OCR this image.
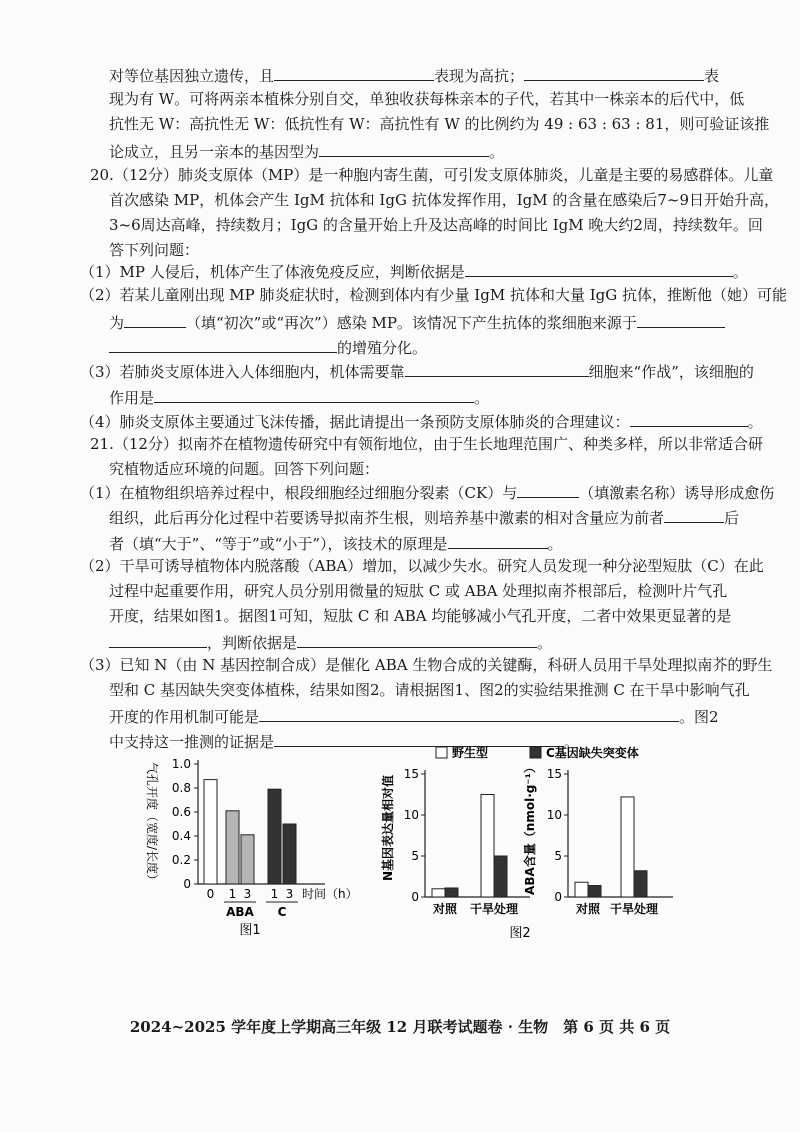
对等位基因独立遗传，且	表现为高抗；	表
现为有 W。可将两亲本植株分别自交，单独收获每株亲本的子代，若其中一株亲本的后代中，低
抗性无 W：高抗性无 W：低抗性有 W：高抗性有 W 的比例约为 49 : 63 : 63 : 81，则可验证该推
论成立，且另一亲本的基因型为	。
20.（12分）肺炎支原体（MP）是一种胞内寄生菌，可引发支原体肺炎，儿童是主要的易感群体。儿童
首次感染 MP，机体会产生 IgM 抗体和 IgG 抗体发挥作用，IgM 的含量在感染后7~9日开始升高，
3~6周达高峰，持续数月；IgG 的含量开始上升及达高峰的时间比 IgM 晚大约2周，持续数年。回
答下列问题：
（1）MP 人侵后，机体产生了体液免疫反应，判断依据是	。
（2）若某儿童刚出现 MP 肺炎症状时，检测到体内有少量 IgM 抗体和大量 IgG 抗体，推断他（她）可能
为	（填“初次”或“再次”）感染 MP。该情况下产生抗体的浆细胞来源于
的增殖分化。
（3）若肺炎支原体进入人体细胞内，机体需要靠	细胞来“作战”，该细胞的
作用是	。
（4）肺炎支原体主要通过飞沫传播，据此请提出一条预防支原体肺炎的合理建议：	。
21.（12分）拟南芥在植物遗传研究中有领衔地位，由于生长地理范围广、种类多样，所以非常适合研
究植物适应环境的问题。回答下列问题：
（1）在植物组织培养过程中，根段细胞经过细胞分裂素（CK）与	（填激素名称）诱导形成愈伤
组织，此后再分化过程中若要诱导拟南芥生根，则培养基中激素的相对含量应为前者	后
者（填“大于”、“等于”或“小于”），该技术的原理是	。
（2）干旱可诱导植物体内脱落酸（ABA）增加，以减少失水。研究人员发现一种分泌型短肽（C）在此
过程中起重要作用，研究人员分别用微量的短肽 C 或 ABA 处理拟南芥根部后，检测叶片气孔
开度，结果如图1。据图1可知，短肽 C 和 ABA 均能够减小气孔开度，二者中效果更显著的是
，判断依据是	。
（3）已知 N（由 N 基因控制合成）是催化 ABA 生物合成的关键酶，科研人员用干旱处理拟南芥的野生
型和 C 基因缺失突变体植株，结果如图2。请根据图1、图2的实验结果推测 C 在干旱中影响气孔
开度的作用机制可能是	。图2
中支持这一推测的证据是	。
0
0.2
0.4
0.6
0.8
1.0
气孔开度（宽度/长度）
0 1 3 1 3 时间（h）
ABA C
图1
野生型	C基因缺失突变体
0
5
10
15
N基因表达量相对值
对照 干旱处理
0
5
10
15
ABA含量（nmol·g⁻¹）
对照 干旱处理
图2
2024~2025 学年度上学期高三年级 12 月联考试题卷 · 生物　第 6 页 共 6 页
